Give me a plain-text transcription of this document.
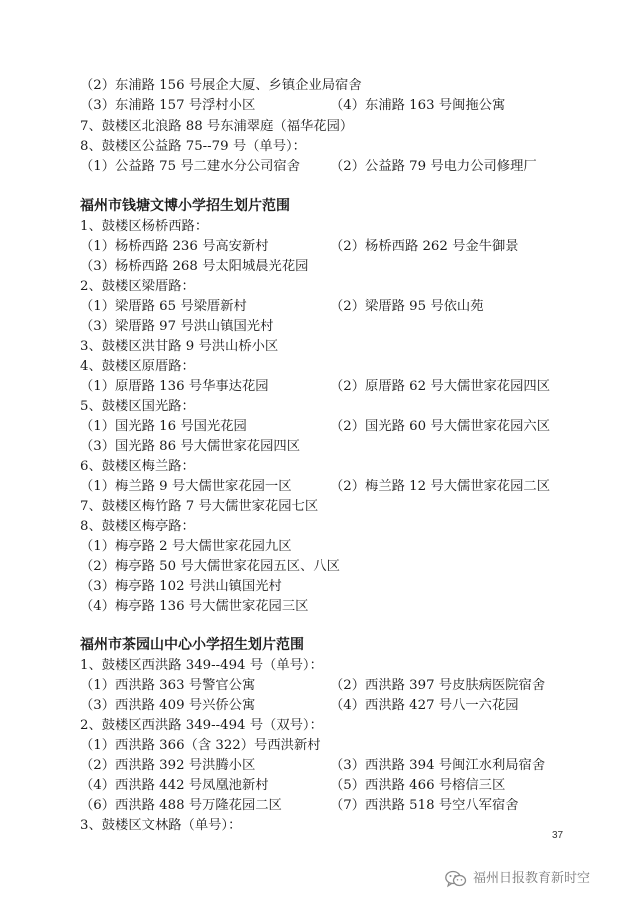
（2）东浦路 156 号展企大厦、乡镇企业局宿舍
（3）东浦路 157 号浮村小区	（4）东浦路 163 号闽拖公寓
7、鼓楼区北浪路 88 号东浦翠庭（福华花园）
8、鼓楼区公益路 75--79 号（单号）：
（1）公益路 75 号二建水分公司宿舍 （2）公益路 79 号电力公司修理厂
福州市钱塘文博小学招生划片范围
1、鼓楼区杨桥西路：
（1）杨桥西路 236 号高安新村	（2）杨桥西路 262 号金牛御景
（3）杨桥西路 268 号太阳城晨光花园
2、鼓楼区梁厝路：
（1）梁厝路 65 号梁厝新村	（2）梁厝路 95 号依山苑
（3）梁厝路 97 号洪山镇国光村
3、鼓楼区洪甘路 9 号洪山桥小区
4、鼓楼区原厝路：
（1）原厝路 136 号华事达花园	（2）原厝路 62 号大儒世家花园四区
5、鼓楼区国光路：
（1）国光路 16 号国光花园	（2）国光路 60 号大儒世家花园六区
（3）国光路 86 号大儒世家花园四区
6、鼓楼区梅兰路：
（1）梅兰路 9 号大儒世家花园一区	（2）梅兰路 12 号大儒世家花园二区
7、鼓楼区梅竹路 7 号大儒世家花园七区
8、鼓楼区梅亭路：
（1）梅亭路 2 号大儒世家花园九区
（2）梅亭路 50 号大儒世家花园五区、八区
（3）梅亭路 102 号洪山镇国光村
（4）梅亭路 136 号大儒世家花园三区
福州市茶园山中心小学招生划片范围
1、鼓楼区西洪路 349--494 号（单号）：
（1）西洪路 363 号警官公寓	（2）西洪路 397 号皮肤病医院宿舍
（3）西洪路 409 号兴侨公寓	（4）西洪路 427 号八一六花园
2、鼓楼区西洪路 349--494 号（双号）：
（1）西洪路 366（含 322）号西洪新村
（2）西洪路 392 号洪腾小区	（3）西洪路 394 号闽江水利局宿舍
（4）西洪路 442 号凤凰池新村	（5）西洪路 466 号榕信三区
（6）西洪路 488 号万隆花园二区	（7）西洪路 518 号空八军宿舍
3、鼓楼区文林路（单号）：
37
福州日报教育新时空
